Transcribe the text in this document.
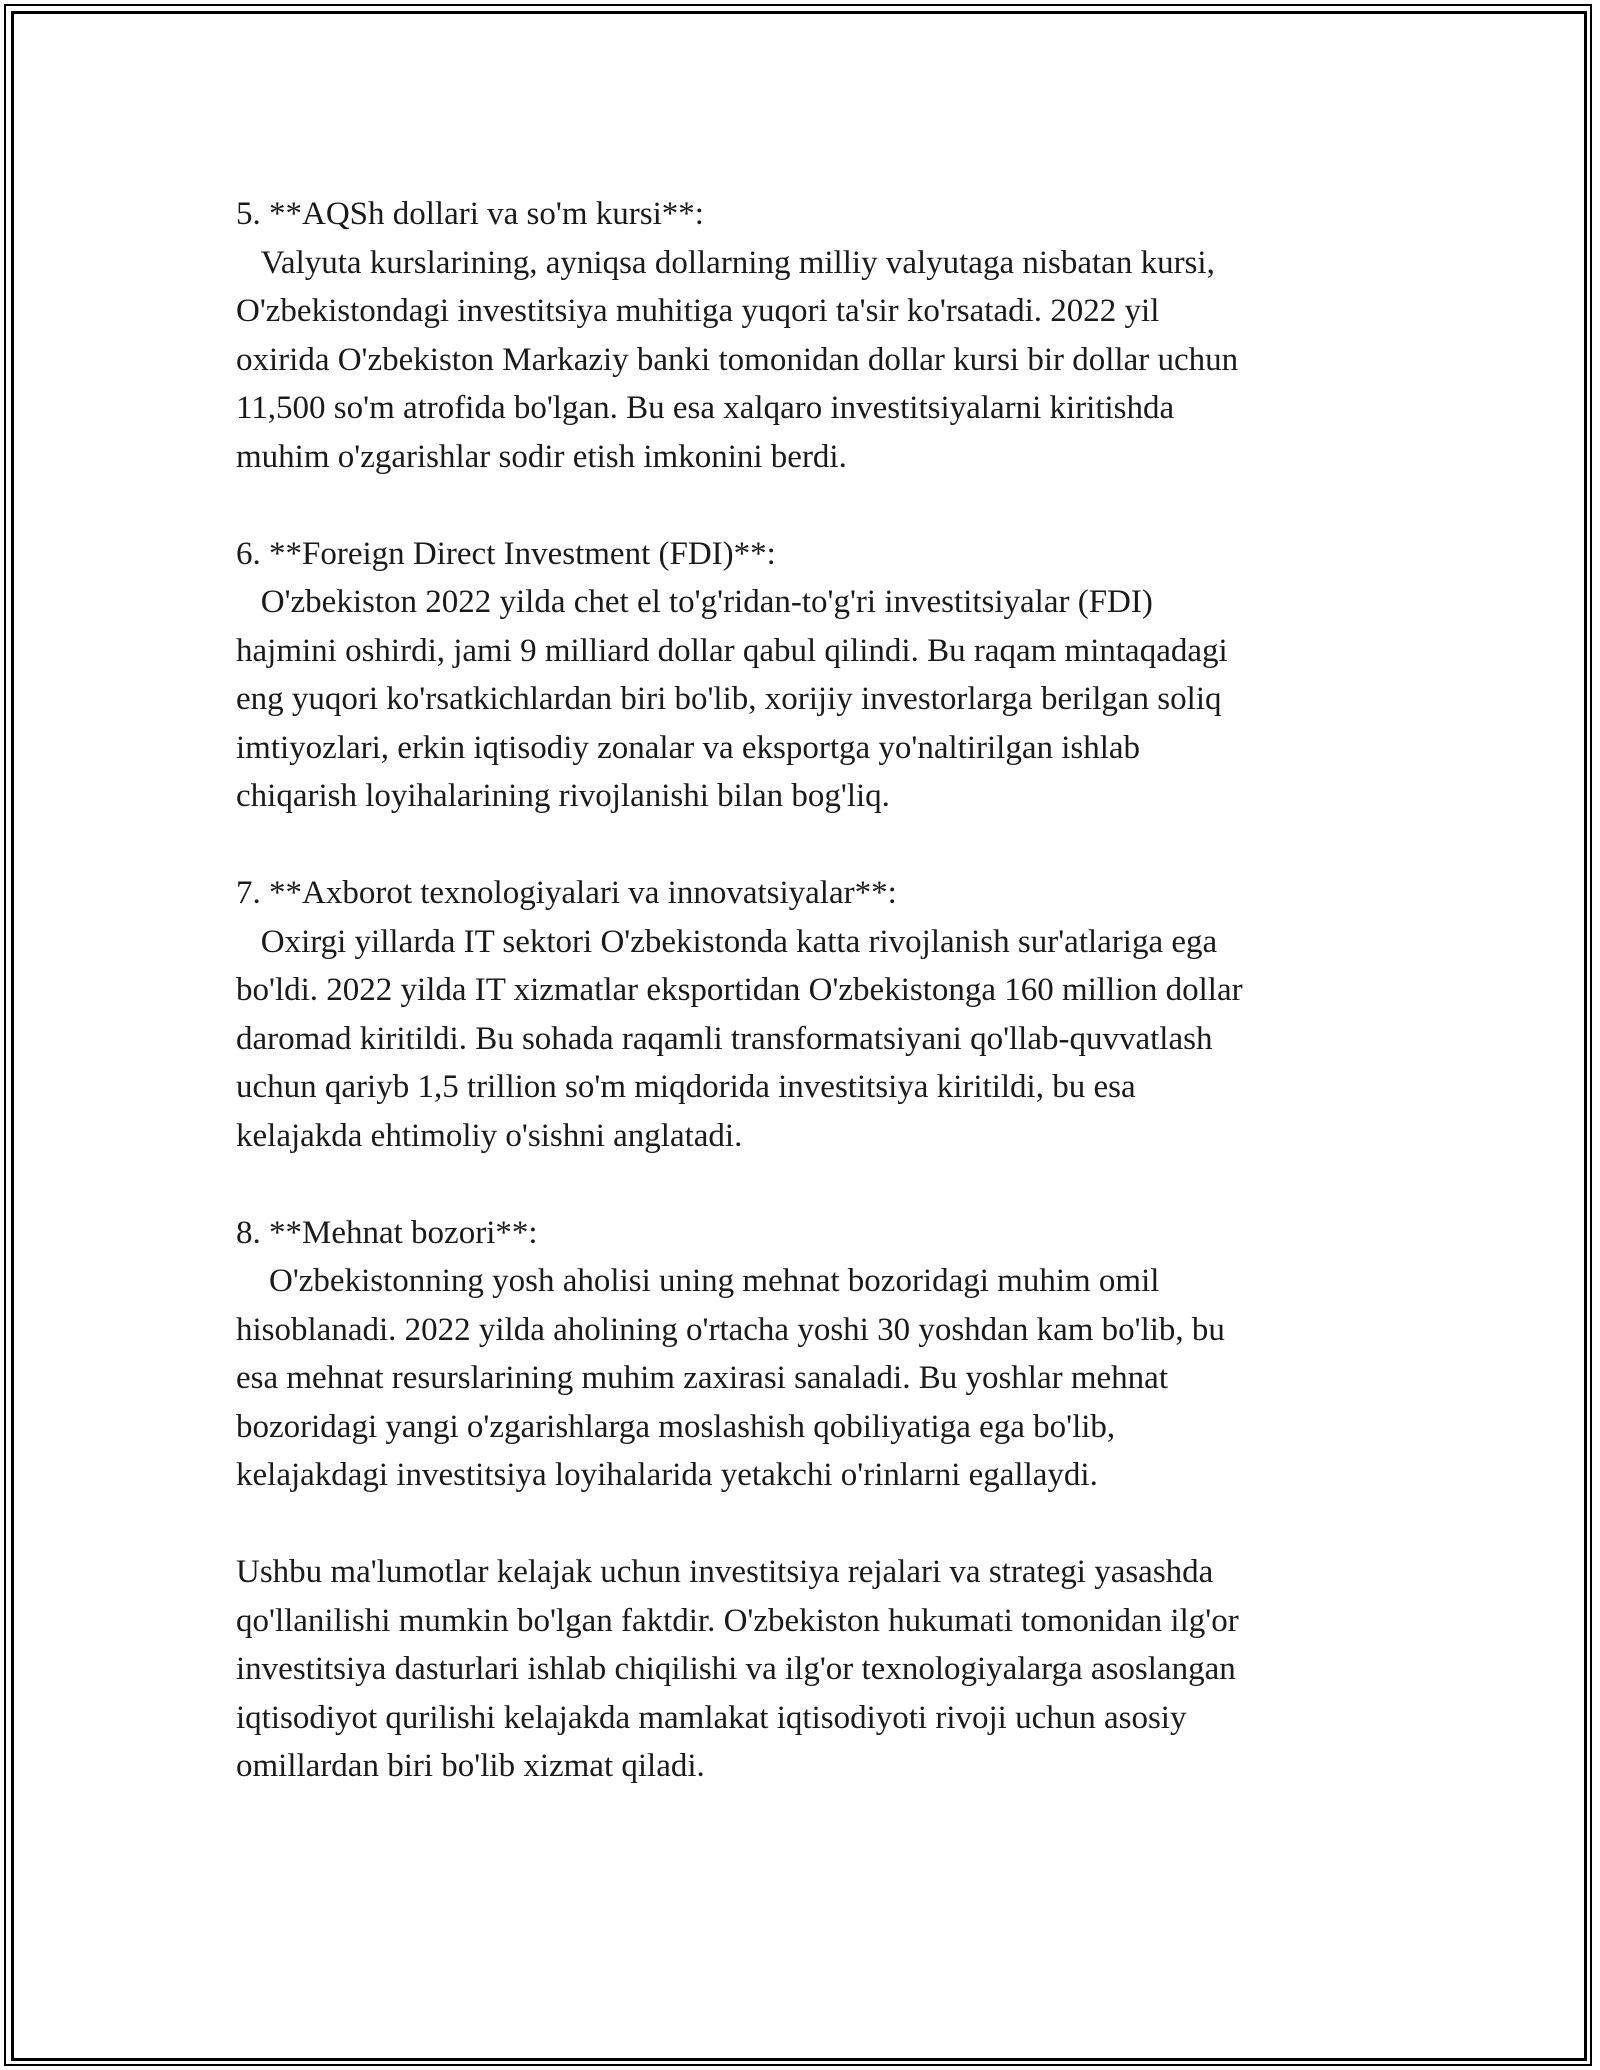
5. **AQSh dollari va so'm kursi**:
Valyuta kurslarining, ayniqsa dollarning milliy valyutaga nisbatan kursi,
O'zbekistondagi investitsiya muhitiga yuqori ta'sir ko'rsatadi. 2022 yil
oxirida O'zbekiston Markaziy banki tomonidan dollar kursi bir dollar uchun
11,500 so'm atrofida bo'lgan. Bu esa xalqaro investitsiyalarni kiritishda
muhim o'zgarishlar sodir etish imkonini berdi.
6. **Foreign Direct Investment (FDI)**:
O'zbekiston 2022 yilda chet el to'g'ridan-to'g'ri investitsiyalar (FDI)
hajmini oshirdi, jami 9 milliard dollar qabul qilindi. Bu raqam mintaqadagi
eng yuqori ko'rsatkichlardan biri bo'lib, xorijiy investorlarga berilgan soliq
imtiyozlari, erkin iqtisodiy zonalar va eksportga yo'naltirilgan ishlab
chiqarish loyihalarining rivojlanishi bilan bog'liq.
7. **Axborot texnologiyalari va innovatsiyalar**:
Oxirgi yillarda IT sektori O'zbekistonda katta rivojlanish sur'atlariga ega
bo'ldi. 2022 yilda IT xizmatlar eksportidan O'zbekistonga 160 million dollar
daromad kiritildi. Bu sohada raqamli transformatsiyani qo'llab-quvvatlash
uchun qariyb 1,5 trillion so'm miqdorida investitsiya kiritildi, bu esa
kelajakda ehtimoliy o'sishni anglatadi.
8. **Mehnat bozori**:
O'zbekistonning yosh aholisi uning mehnat bozoridagi muhim omil
hisoblanadi. 2022 yilda aholining o'rtacha yoshi 30 yoshdan kam bo'lib, bu
esa mehnat resurslarining muhim zaxirasi sanaladi. Bu yoshlar mehnat
bozoridagi yangi o'zgarishlarga moslashish qobiliyatiga ega bo'lib,
kelajakdagi investitsiya loyihalarida yetakchi o'rinlarni egallaydi.
Ushbu ma'lumotlar kelajak uchun investitsiya rejalari va strategi yasashda
qo'llanilishi mumkin bo'lgan faktdir. O'zbekiston hukumati tomonidan ilg'or
investitsiya dasturlari ishlab chiqilishi va ilg'or texnologiyalarga asoslangan
iqtisodiyot qurilishi kelajakda mamlakat iqtisodiyoti rivoji uchun asosiy
omillardan biri bo'lib xizmat qiladi.
